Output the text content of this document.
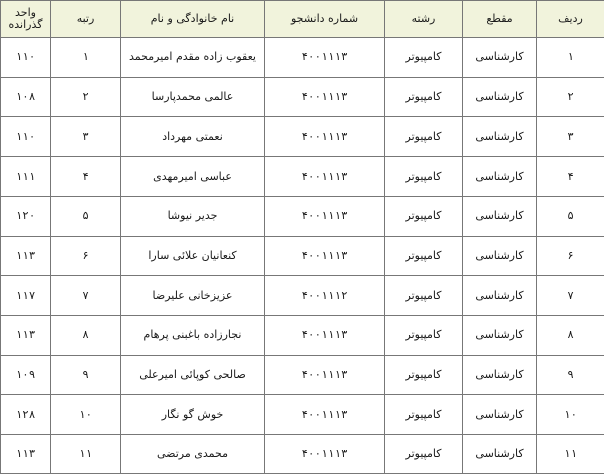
ردیف	مقطع	رشته	شماره دانشجو	نام خانوادگی و نام	رتبه	واحد گذرانده
۱	کارشناسی	کامپیوتر	۴۰۰۱۱۱۳	یعقوب زاده مقدم امیرمحمد	۱	۱۱۰
۲	کارشناسی	کامپیوتر	۴۰۰۱۱۱۳	عالمی محمدپارسا	۲	۱۰۸
۳	کارشناسی	کامپیوتر	۴۰۰۱۱۱۳	نعمتی مهرداد	۳	۱۱۰
۴	کارشناسی	کامپیوتر	۴۰۰۱۱۱۳	عباسی امیرمهدی	۴	۱۱۱
۵	کارشناسی	کامپیوتر	۴۰۰۱۱۱۳	جدیر نیوشا	۵	۱۲۰
۶	کارشناسی	کامپیوتر	۴۰۰۱۱۱۳	کنعانیان علائی سارا	۶	۱۱۳
۷	کارشناسی	کامپیوتر	۴۰۰۱۱۱۲	عزیزخانی علیرضا	۷	۱۱۷
۸	کارشناسی	کامپیوتر	۴۰۰۱۱۱۳	نجارزاده باغبنی پرهام	۸	۱۱۳
۹	کارشناسی	کامپیوتر	۴۰۰۱۱۱۳	صالحی کوپائی امیرعلی	۹	۱۰۹
۱۰	کارشناسی	کامپیوتر	۴۰۰۱۱۱۳	خوش گو نگار	۱۰	۱۲۸
۱۱	کارشناسی	کامپیوتر	۴۰۰۱۱۱۳	محمدی مرتضی	۱۱	۱۱۳
